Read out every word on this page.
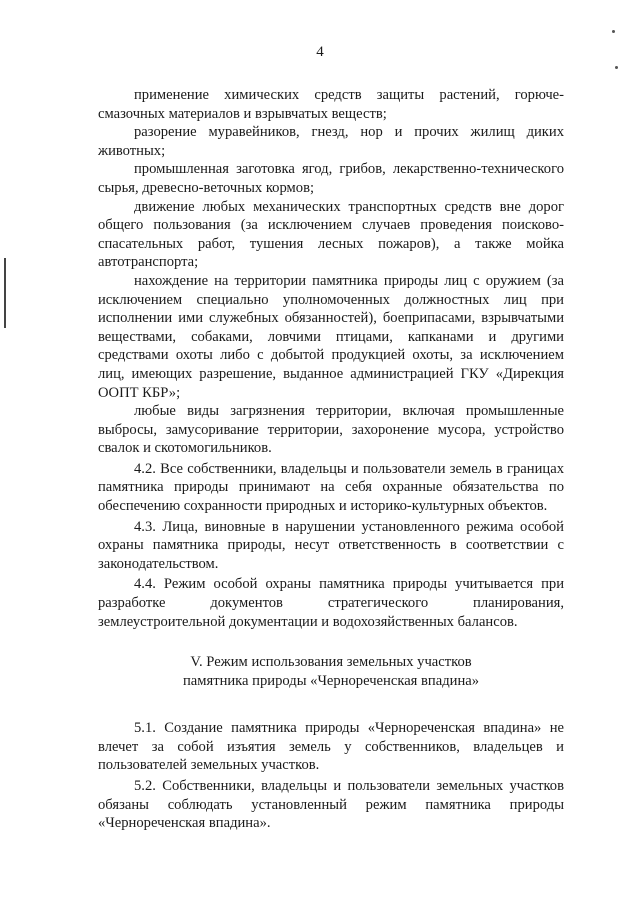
4

применение химических средств защиты растений, горюче-смазочных материалов и взрывчатых веществ;

разорение муравейников, гнезд, нор и прочих жилищ диких животных;

промышленная заготовка ягод, грибов, лекарственно-технического сырья, древесно-веточных кормов;

движение любых механических транспортных средств вне дорог общего пользования (за исключением случаев проведения поисково-спасательных работ, тушения лесных пожаров), а также мойка автотранспорта;

нахождение на территории памятника природы лиц с оружием (за исключением специально уполномоченных должностных лиц при исполнении ими служебных обязанностей), боеприпасами, взрывчатыми веществами, собаками, ловчими птицами, капканами и другими средствами охоты либо с добытой продукцией охоты, за исключением лиц, имеющих разрешение, выданное администрацией ГКУ «Дирекция ООПТ КБР»;

любые виды загрязнения территории, включая промышленные выбросы, замусоривание территории, захоронение мусора, устройство свалок и скотомогильников.

4.2. Все собственники, владельцы и пользователи земель в границах памятника природы принимают на себя охранные обязательства по обеспечению сохранности природных и историко-культурных объектов.

4.3. Лица, виновные в нарушении установленного режима особой охраны памятника природы, несут ответственность в соответствии с законодательством.

4.4. Режим особой охраны памятника природы учитывается при разработке документов стратегического планирования, землеустроительной документации и водохозяйственных балансов.

V. Режим использования земельных участков
памятника природы «Чернореченская впадина»

5.1. Создание памятника природы «Чернореченская впадина» не влечет за собой изъятия земель у собственников, владельцев и пользователей земельных участков.

5.2. Собственники, владельцы и пользователи земельных участков обязаны соблюдать установленный режим памятника природы «Чернореченская впадина».
